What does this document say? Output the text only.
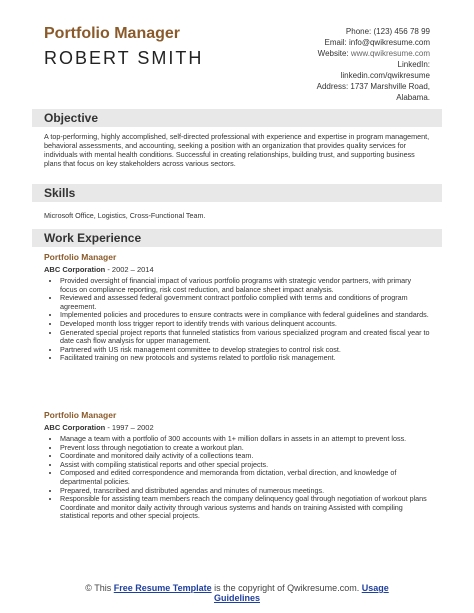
Portfolio Manager
ROBERT SMITH
Phone: (123) 456 78 99
Email: info@qwikresume.com
Website: www.qwikresume.com
LinkedIn:
linkedin.com/qwikresume
Address: 1737 Marshville Road,
Alabama.
Objective
A top-performing, highly accomplished, self-directed professional with experience and expertise in program management, behavioral assessments, and accounting, seeking a position with an organization that provides quality services for individuals with mental health conditions. Successful in creating relationships, building trust, and supporting business plans that focus on key stakeholders across various sectors.
Skills
Microsoft Office, Logistics, Cross-Functional Team.
Work Experience
Portfolio Manager
ABC Corporation - 2002 – 2014
• Provided oversight of financial impact of various portfolio programs with strategic vendor partners, with primary focus on compliance reporting, risk cost reduction, and balance sheet impact analysis.
• Reviewed and assessed federal government contract portfolio complied with terms and conditions of program agreement.
• Implemented policies and procedures to ensure contracts were in compliance with federal guidelines and standards.
• Developed month loss trigger report to identify trends with various delinquent accounts.
• Generated special project reports that funneled statistics from various specialized program and created fiscal year to date cash flow analysis for upper management.
• Partnered with US risk management committee to develop strategies to control risk cost.
• Facilitated training on new protocols and systems related to portfolio risk management.
Portfolio Manager
ABC Corporation - 1997 – 2002
• Manage a team with a portfolio of 300 accounts with 1+ million dollars in assets in an attempt to prevent loss.
• Prevent loss through negotiation to create a workout plan.
• Coordinate and monitored daily activity of a collections team.
• Assist with compiling statistical reports and other special projects.
• Composed and edited correspondence and memoranda from dictation, verbal direction, and knowledge of departmental policies.
• Prepared, transcribed and distributed agendas and minutes of numerous meetings.
• Responsible for assisting team members reach the company delinquency goal through negotiation of workout plans Coordinate and monitor daily activity through various systems and hands on training Assisted with compiling statistical reports and other special projects.
© This Free Resume Template is the copyright of Qwikresume.com. Usage
Guidelines
